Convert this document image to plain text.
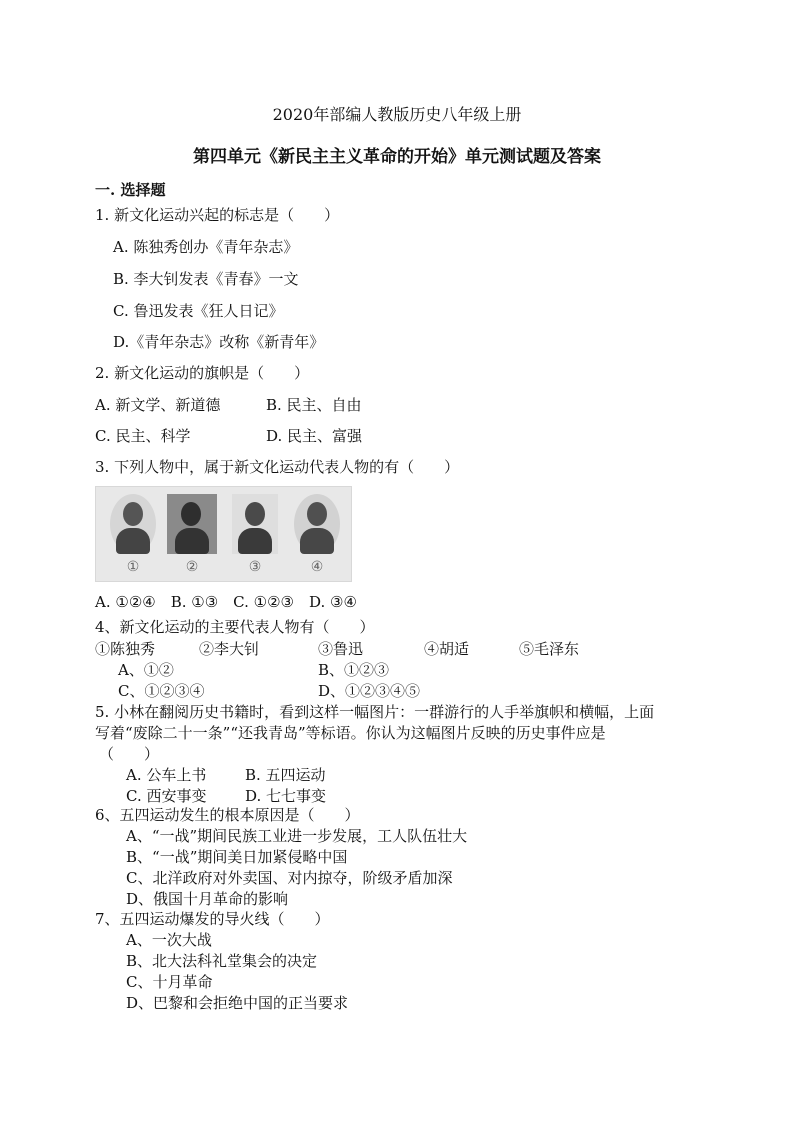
2020年部编人教版历史八年级上册
第四单元《新民主主义革命的开始》单元测试题及答案
一. 选择题
1. 新文化运动兴起的标志是（　　）
A. 陈独秀创办《青年杂志》
B. 李大钊发表《青春》一文
C. 鲁迅发表《狂人日记》
D.《青年杂志》改称《新青年》
2. 新文化运动的旗帜是（　　）
A. 新文学、新道德	B. 民主、自由
C. 民主、科学	D. 民主、富强
3. 下列人物中，属于新文化运动代表人物的有（　　）
①	②	③	④
A. ①②④　B. ①③　C. ①②③　D. ③④
4、新文化运动的主要代表人物有（　　）
①陈独秀	②李大钊	③鲁迅	④胡适	⑤毛泽东
A、①②	B、①②③
C、①②③④	D、①②③④⑤
5. 小林在翻阅历史书籍时，看到这样一幅图片：一群游行的人手举旗帜和横幅，上面
写着“废除二十一条”“还我青岛”等标语。你认为这幅图片反映的历史事件应是
（　　）
A. 公车上书	B. 五四运动
C. 西安事变	D. 七七事变
6、五四运动发生的根本原因是（　　）
A、“一战”期间民族工业进一步发展，工人队伍壮大
B、“一战”期间美日加紧侵略中国
C、北洋政府对外卖国、对内掠夺，阶级矛盾加深
D、俄国十月革命的影响
7、五四运动爆发的导火线（　　）
A、一次大战
B、北大法科礼堂集会的决定
C、十月革命
D、巴黎和会拒绝中国的正当要求
